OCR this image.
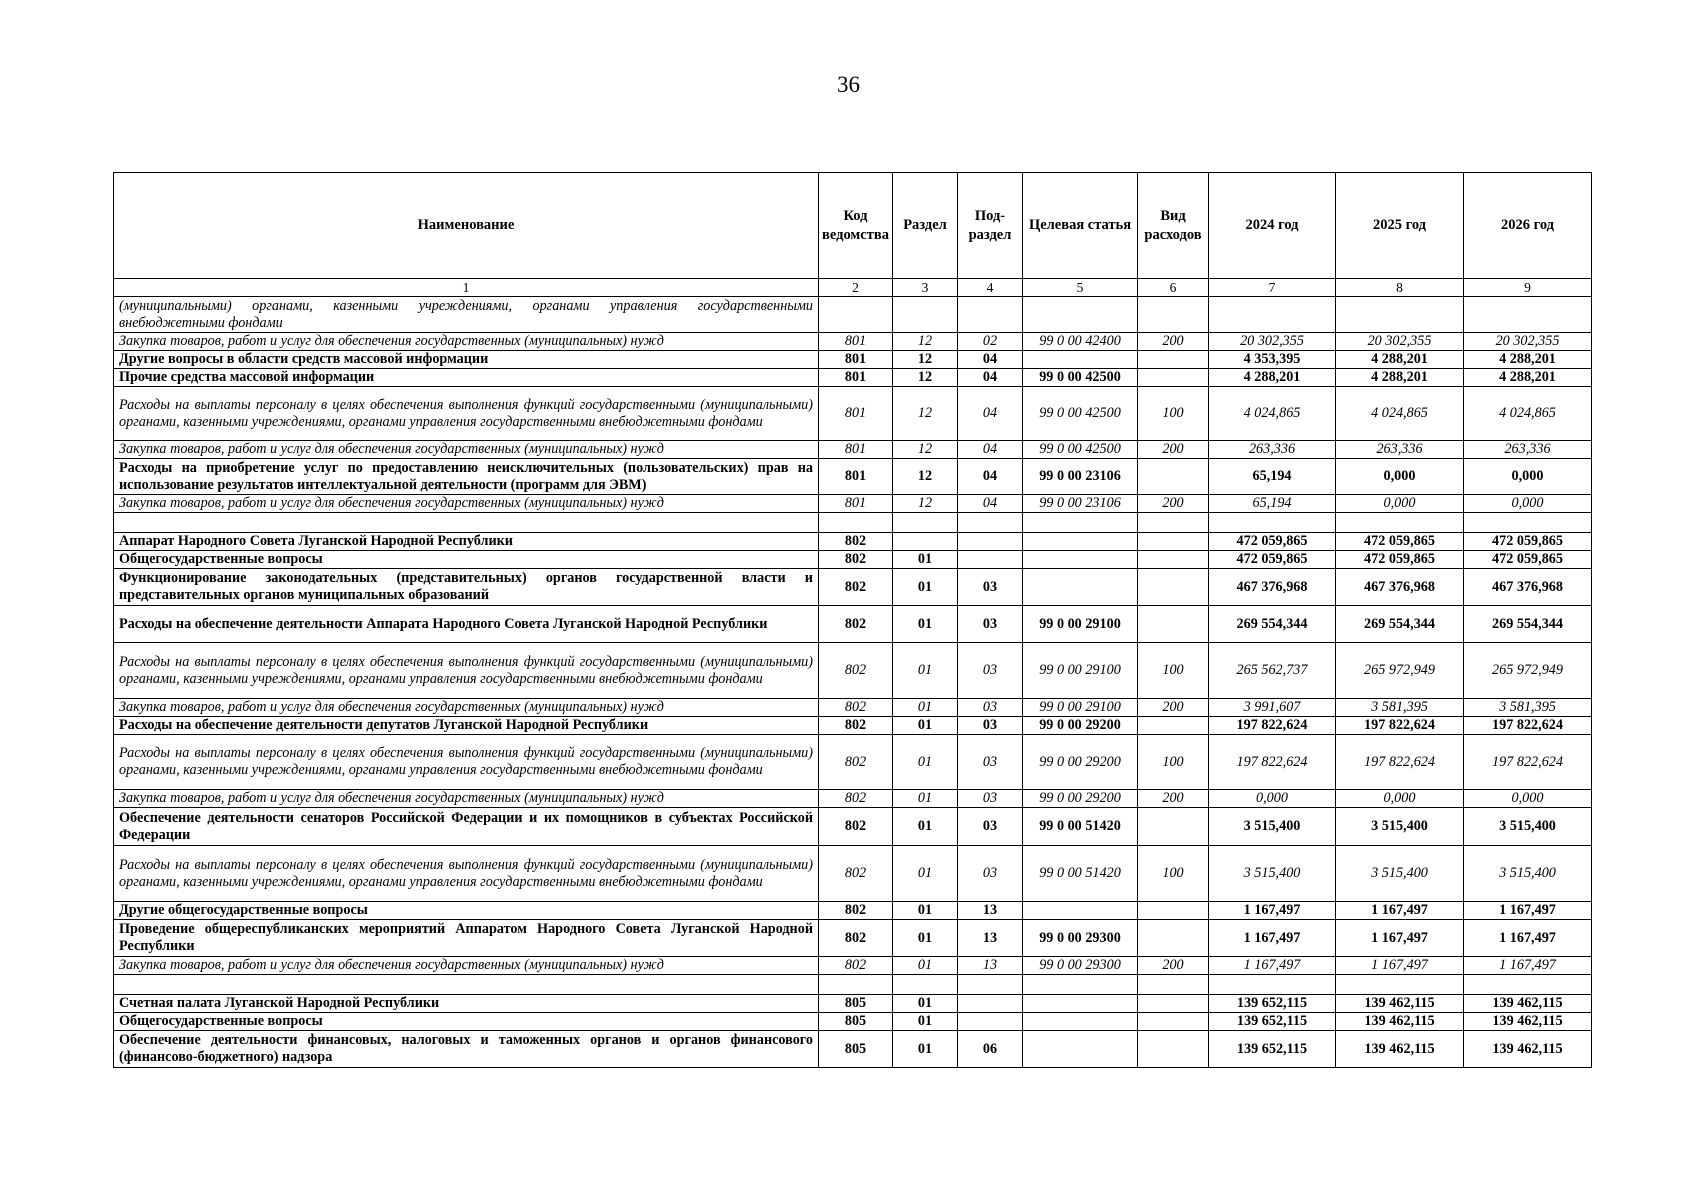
36
Наименование	Код ведомства	Раздел	Под-раздел	Целевая статья	Вид расходов	2024 год	2025 год	2026 год
1	2	3	4	5	6	7	8	9
(муниципальными) органами, казенными учреждениями, органами управления государственными внебюджетными фондами								
Закупка товаров, работ и услуг для обеспечения государственных (муниципальных) нужд	801	12	02	99 0 00 42400	200	20 302,355	20 302,355	20 302,355
Другие вопросы в области средств массовой информации	801	12	04			4 353,395	4 288,201	4 288,201
Прочие средства массовой информации	801	12	04	99 0 00 42500		4 288,201	4 288,201	4 288,201
Расходы на выплаты персоналу в целях обеспечения выполнения функций государственными (муниципальными) органами, казенными учреждениями, органами управления государственными внебюджетными фондами	801	12	04	99 0 00 42500	100	4 024,865	4 024,865	4 024,865
Закупка товаров, работ и услуг для обеспечения государственных (муниципальных) нужд	801	12	04	99 0 00 42500	200	263,336	263,336	263,336
Расходы на приобретение услуг по предоставлению неисключительных (пользовательских) прав на использование результатов интеллектуальной деятельности (программ для ЭВМ)	801	12	04	99 0 00 23106		65,194	0,000	0,000
Закупка товаров, работ и услуг для обеспечения государственных (муниципальных) нужд	801	12	04	99 0 00 23106	200	65,194	0,000	0,000

Аппарат Народного Совета Луганской Народной Республики	802					472 059,865	472 059,865	472 059,865
Общегосударственные вопросы	802	01				472 059,865	472 059,865	472 059,865
Функционирование законодательных (представительных) органов государственной власти и представительных органов муниципальных образований	802	01	03			467 376,968	467 376,968	467 376,968
Расходы на обеспечение деятельности Аппарата Народного Совета Луганской Народной Республики	802	01	03	99 0 00 29100		269 554,344	269 554,344	269 554,344
Расходы на выплаты персоналу в целях обеспечения выполнения функций государственными (муниципальными) органами, казенными учреждениями, органами управления государственными внебюджетными фондами	802	01	03	99 0 00 29100	100	265 562,737	265 972,949	265 972,949
Закупка товаров, работ и услуг для обеспечения государственных (муниципальных) нужд	802	01	03	99 0 00 29100	200	3 991,607	3 581,395	3 581,395
Расходы на обеспечение деятельности депутатов Луганской Народной Республики	802	01	03	99 0 00 29200		197 822,624	197 822,624	197 822,624
Расходы на выплаты персоналу в целях обеспечения выполнения функций государственными (муниципальными) органами, казенными учреждениями, органами управления государственными внебюджетными фондами	802	01	03	99 0 00 29200	100	197 822,624	197 822,624	197 822,624
Закупка товаров, работ и услуг для обеспечения государственных (муниципальных) нужд	802	01	03	99 0 00 29200	200	0,000	0,000	0,000
Обеспечение деятельности сенаторов Российской Федерации и их помощников в субъектах Российской Федерации	802	01	03	99 0 00 51420		3 515,400	3 515,400	3 515,400
Расходы на выплаты персоналу в целях обеспечения выполнения функций государственными (муниципальными) органами, казенными учреждениями, органами управления государственными внебюджетными фондами	802	01	03	99 0 00 51420	100	3 515,400	3 515,400	3 515,400
Другие общегосударственные вопросы	802	01	13			1 167,497	1 167,497	1 167,497
Проведение общереспубликанских мероприятий Аппаратом Народного Совета Луганской Народной Республики	802	01	13	99 0 00 29300		1 167,497	1 167,497	1 167,497
Закупка товаров, работ и услуг для обеспечения государственных (муниципальных) нужд	802	01	13	99 0 00 29300	200	1 167,497	1 167,497	1 167,497

Счетная палата Луганской Народной Республики	805	01				139 652,115	139 462,115	139 462,115
Общегосударственные вопросы	805	01				139 652,115	139 462,115	139 462,115
Обеспечение деятельности финансовых, налоговых и таможенных органов и органов финансового (финансово-бюджетного) надзора	805	01	06			139 652,115	139 462,115	139 462,115
